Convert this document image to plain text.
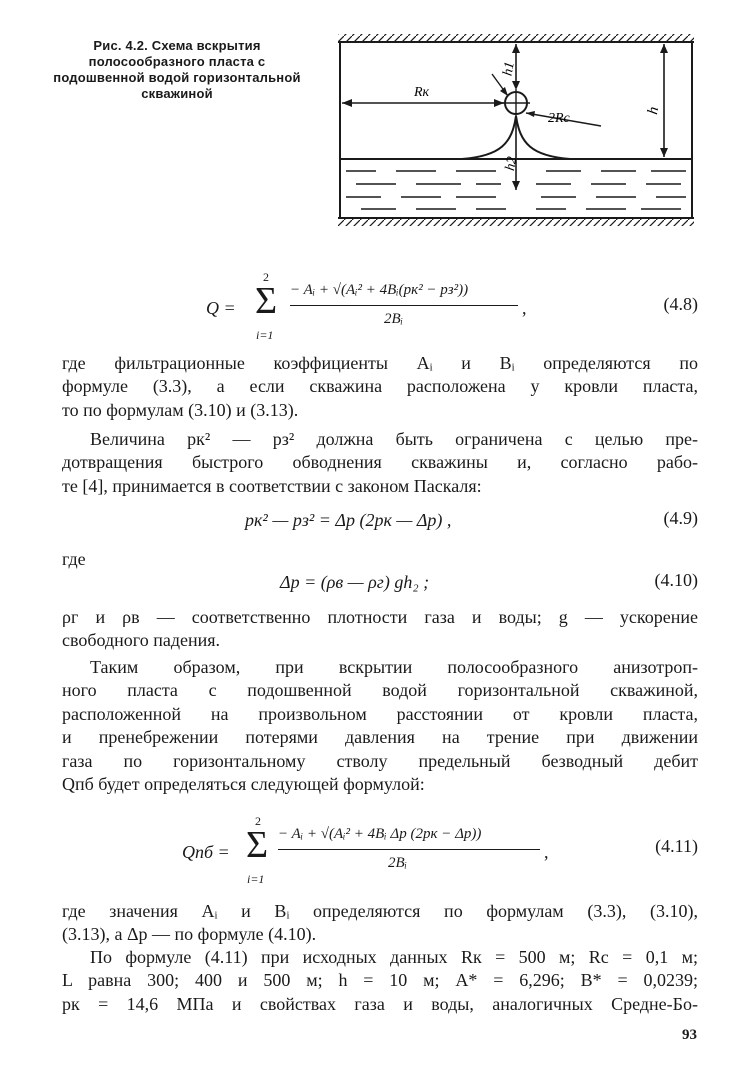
Рис. 4.2. Схема вскрытия полосообразного пласта с подошвенной водой горизонтальной скважиной	Rк
h1
2Rс
h2
h
Q =
2
Σ
i=1
− Aᵢ + √(Aᵢ² + 4Bᵢ(pк² − pз²))
2Bᵢ
,	(4.8)
где фильтрационные коэффициенты Aᵢ и Bᵢ определяются по
формуле (3.3), а если скважина расположена у кровли пласта,
то по формулам (3.10) и (3.13).
Величина pк² — pз² должна быть ограничена с целью пре-
дотвращения быстрого обводнения скважины и, согласно рабо-
те [4], принимается в соответствии с законом Паскаля:
pк² — pз² = Δp (2pк — Δp) ,	(4.9)
где
Δp = (ρв — ρг) gh₂ ;	(4.10)
ρг и ρв — соответственно плотности газа и воды; g — ускорение
свободного падения.
Таким образом, при вскрытии полосообразного анизотроп-
ного пласта с подошвенной водой горизонтальной скважиной,
расположенной на произвольном расстоянии от кровли пласта,
и пренебрежении потерями давления на трение при движении
газа по горизонтальному стволу предельный безводный дебит
Qпб будет определяться следующей формулой:
Qпб =
2
Σ
i=1
− Aᵢ + √(Aᵢ² + 4Bᵢ Δp (2pк − Δp))
2Bᵢ
,	(4.11)
где значения Aᵢ и Bᵢ определяются по формулам (3.3), (3.10),
(3.13), а Δp — по формуле (4.10).
По формуле (4.11) при исходных данных Rк = 500 м; Rс = 0,1 м;
L равна 300; 400 и 500 м; h = 10 м; A* = 6,296; B* = 0,0239;
pк = 14,6 МПа и свойствах газа и воды, аналогичных Средне-Бо-
93
